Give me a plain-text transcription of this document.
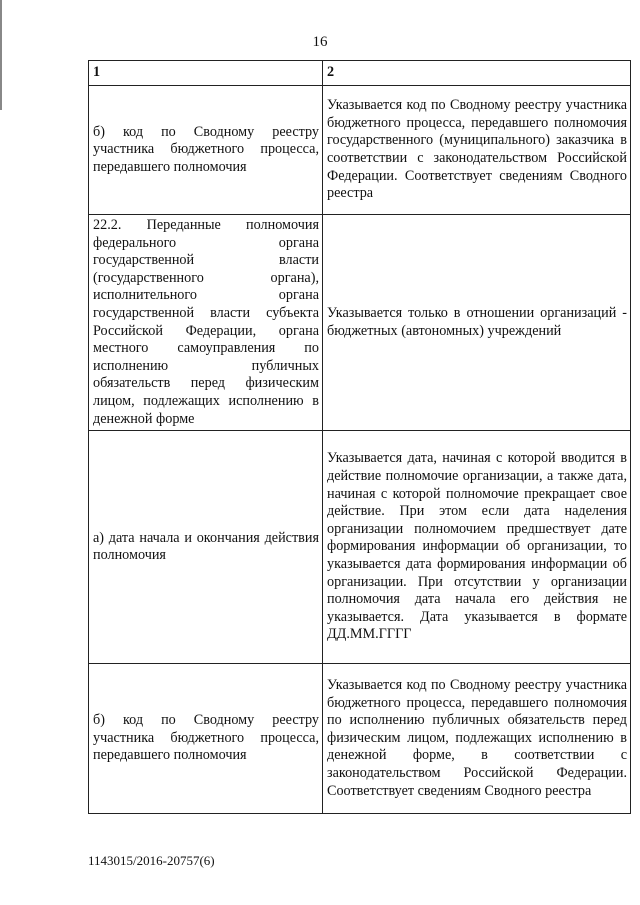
16
1	2
б) код по Сводному реестру участника бюджетного процесса, передавшего полномочия	Указывается код по Сводному реестру участника бюджетного процесса, передавшего полномочия государственного (муниципального) заказчика в соответствии с законодательством Российской Федерации. Соответствует сведениям Сводного реестра
22.2. Переданные полномочия федерального органа государственной власти (государственного органа), исполнительного органа государственной власти субъекта Российской Федерации, органа местного самоуправления по исполнению публичных обязательств перед физическим лицом, подлежащих исполнению в денежной форме	Указывается только в отношении организаций - бюджетных (автономных) учреждений
а) дата начала и окончания действия полномочия	Указывается дата, начиная с которой вводится в действие полномочие организации, а также дата, начиная с которой полномочие прекращает свое действие. При этом если дата наделения организации полномочием предшествует дате формирования информации об организации, то указывается дата формирования информации об организации. При отсутствии у организации полномочия дата начала его действия не указывается. Дата указывается в формате ДД.ММ.ГГГГ
б) код по Сводному реестру участника бюджетного процесса, передавшего полномочия	Указывается код по Сводному реестру участника бюджетного процесса, передавшего полномочия по исполнению публичных обязательств перед физическим лицом, подлежащих исполнению в денежной форме, в соответствии с законодательством Российской Федерации. Соответствует сведениям Сводного реестра
1143015/2016-20757(6)
